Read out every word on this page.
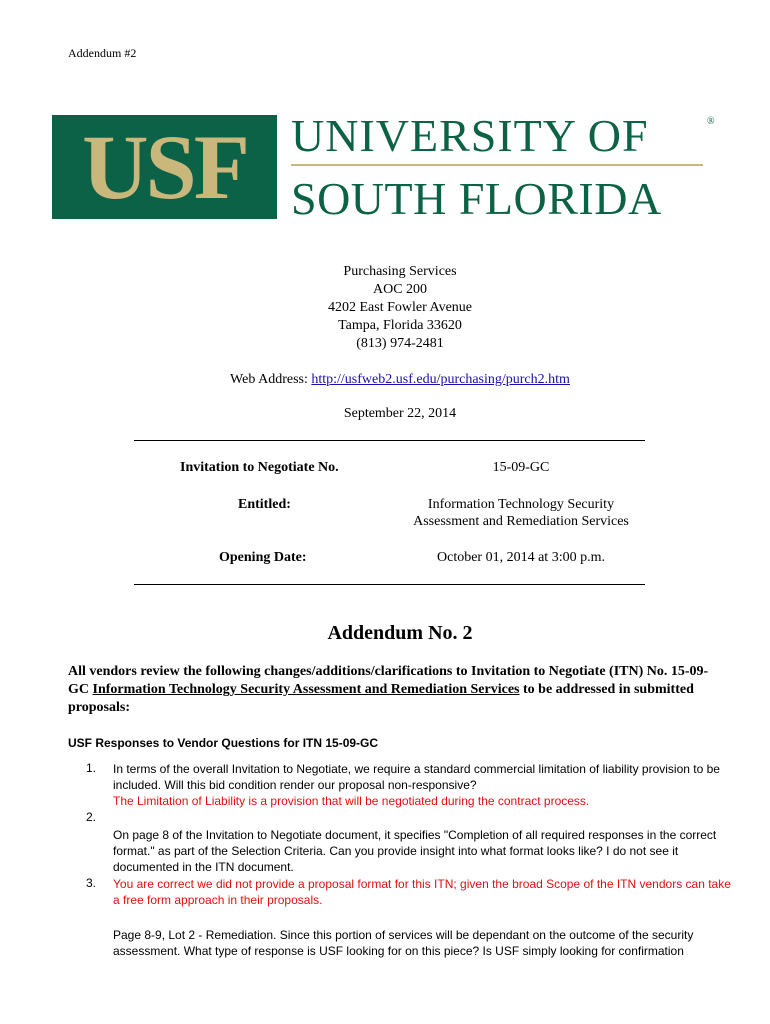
Addendum #2
USF UNIVERSITY OF	®
SOUTH FLORIDA
Purchasing Services
AOC 200
4202 East Fowler Avenue
Tampa, Florida 33620
(813) 974-2481
Web Address: http://usfweb2.usf.edu/purchasing/purch2.htm
September 22, 2014
Invitation to Negotiate No.	15-09-GC
Entitled:	Information Technology Security
Assessment and Remediation Services
Opening Date:	October 01, 2014 at 3:00 p.m.
Addendum No. 2
All vendors review the following changes/additions/clarifications to Invitation to Negotiate (ITN) No. 15-09-GC Information Technology Security Assessment and Remediation Services to be addressed in submitted proposals:
USF Responses to Vendor Questions for ITN 15-09-GC
1. In terms of the overall Invitation to Negotiate, we require a standard commercial limitation of liability provision to be included. Will this bid condition render our proposal non-responsive?
The Limitation of Liability is a provision that will be negotiated during the contract process.
2.
On page 8 of the Invitation to Negotiate document, it specifies "Completion of all required responses in the correct format." as part of the Selection Criteria. Can you provide insight into what format looks like? I do not see it documented in the ITN document.
3. You are correct we did not provide a proposal format for this ITN; given the broad Scope of the ITN vendors can take a free form approach in their proposals.
Page 8-9, Lot 2 - Remediation. Since this portion of services will be dependant on the outcome of the security assessment. What type of response is USF looking for on this piece? Is USF simply looking for confirmation
